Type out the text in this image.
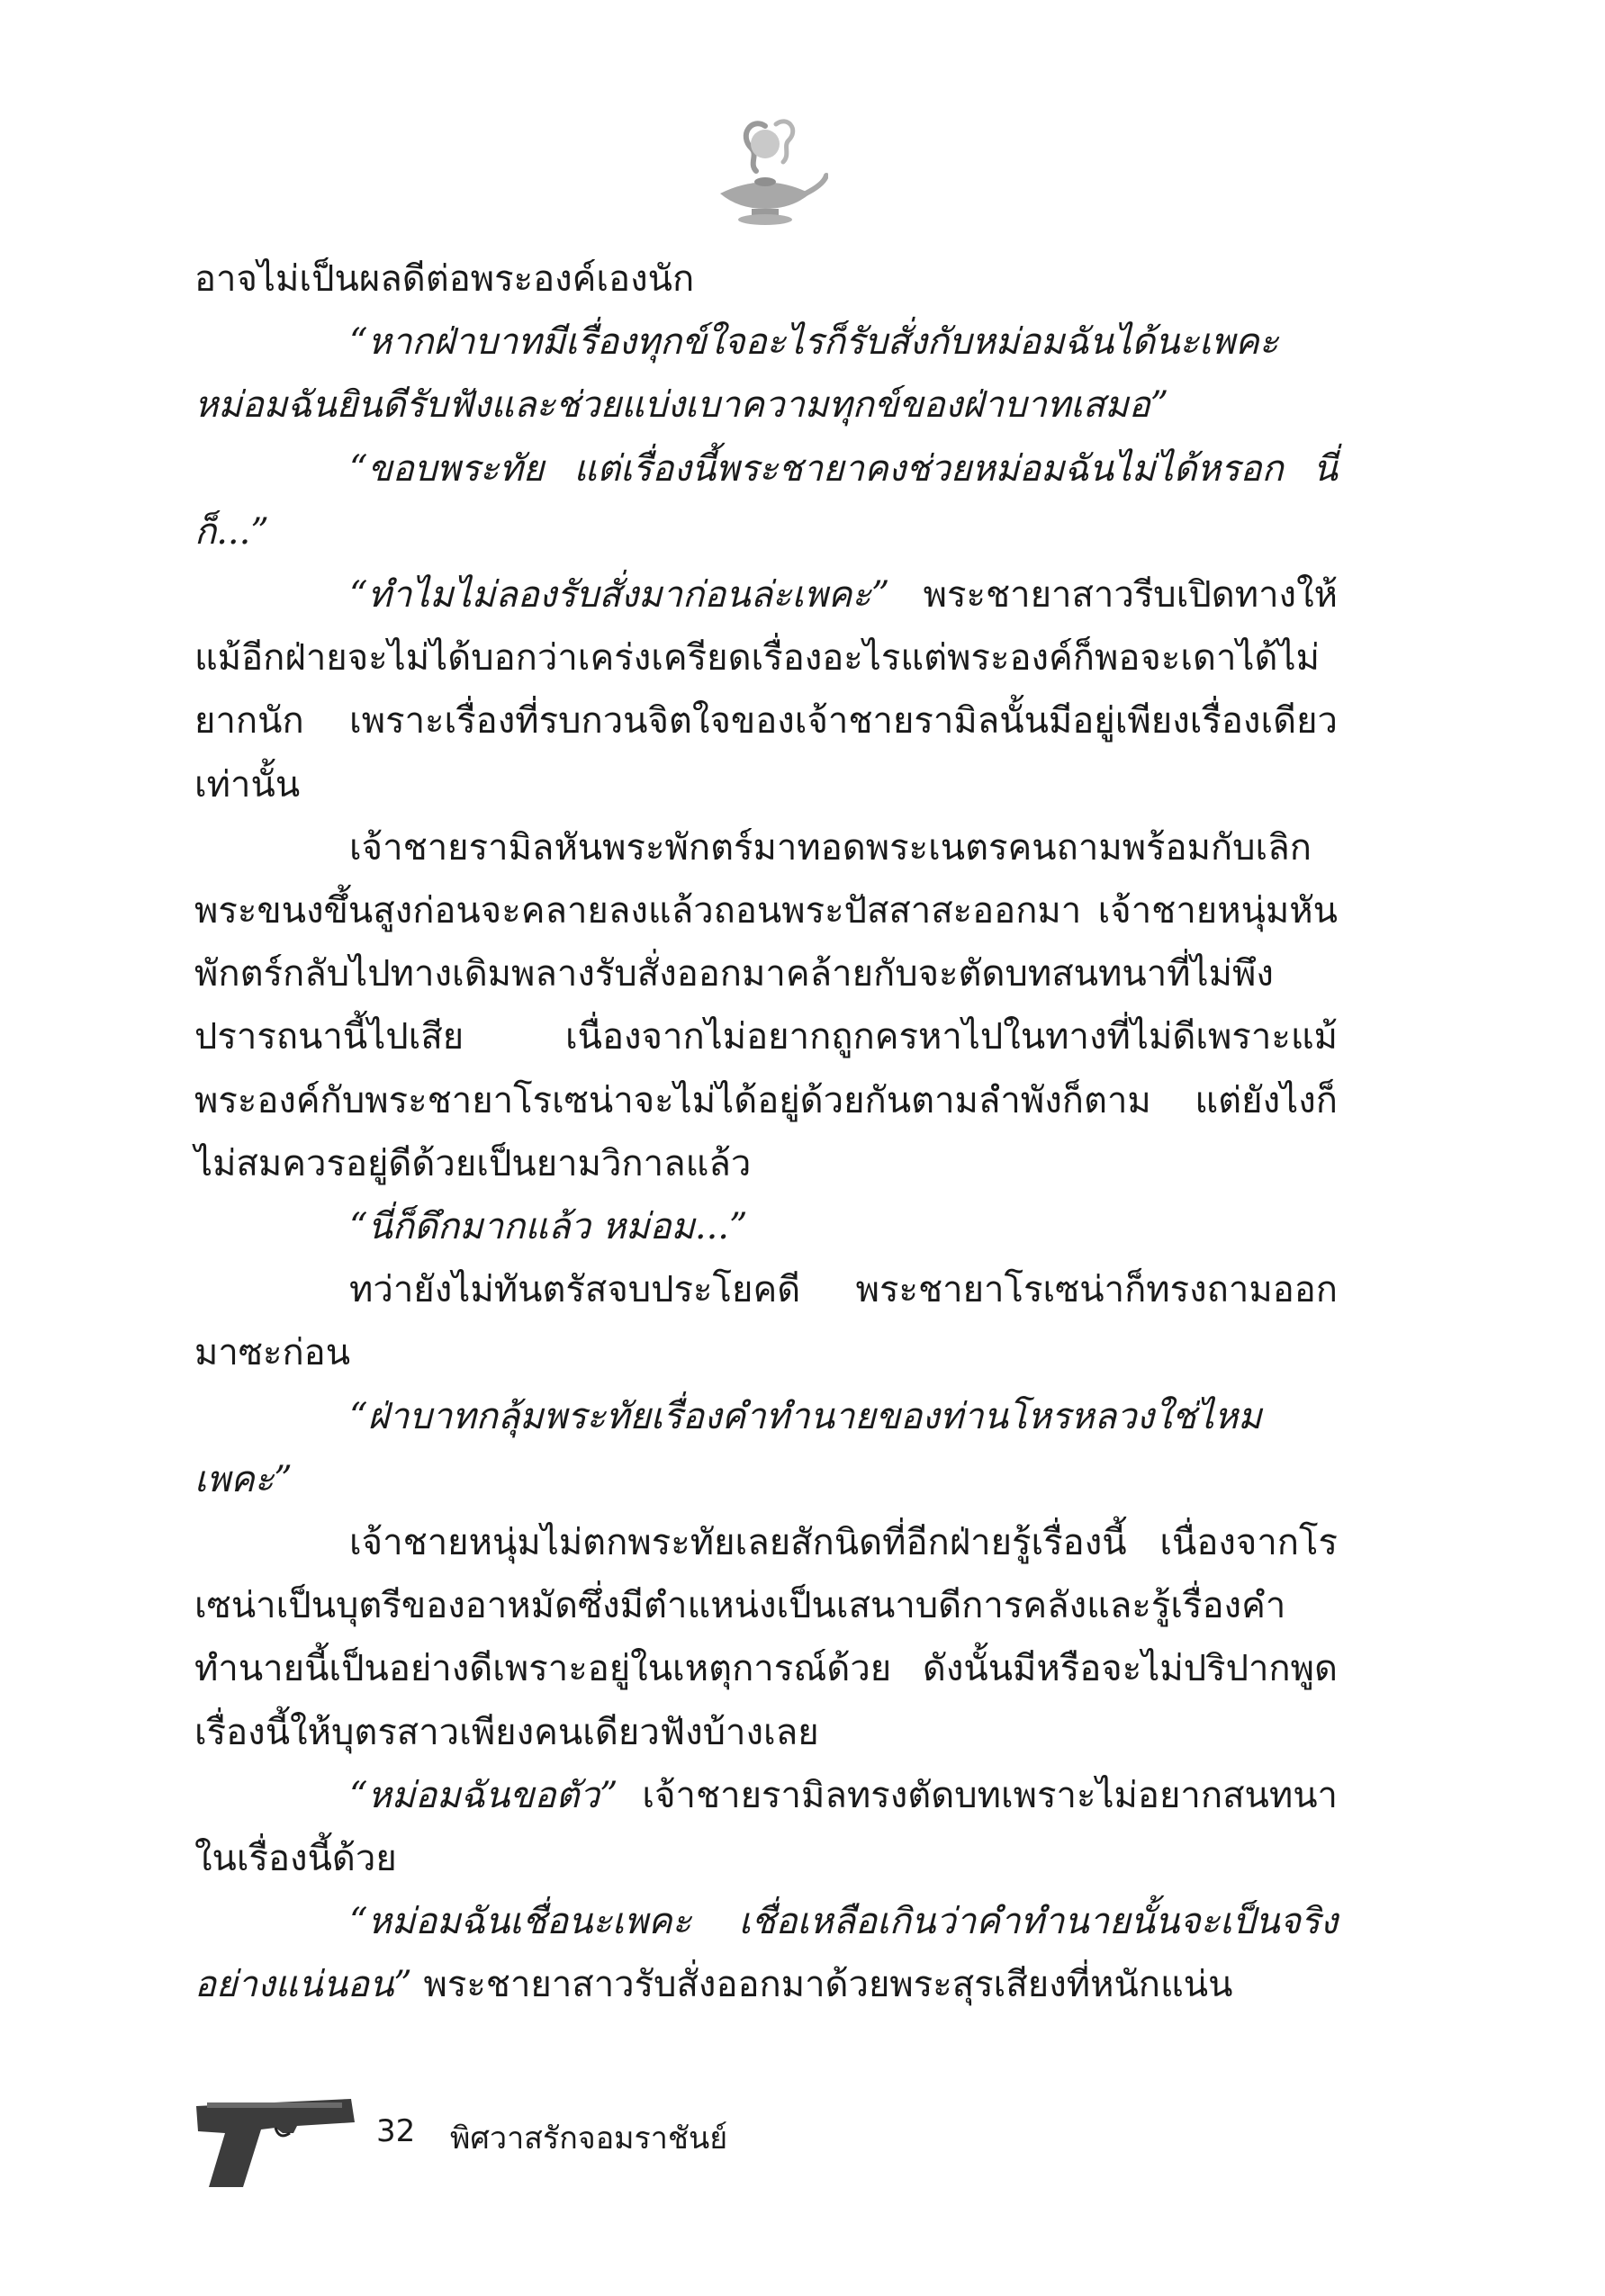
อาจไม่เป็นผลดีต่อพระองค์เองนัก

“หากฝ่าบาทมีเรื่องทุกข์ใจอะไรก็รับสั่งกับหม่อมฉันได้นะเพคะ หม่อมฉันยินดีรับฟังและช่วยแบ่งเบาความทุกข์ของฝ่าบาทเสมอ”

“ขอบพระทัย แต่เรื่องนี้พระชายาคงช่วยหม่อมฉันไม่ได้หรอก นี่ก็...”

“ทำไมไม่ลองรับสั่งมาก่อนล่ะเพคะ” พระชายาสาวรีบเปิดทางให้ แม้อีกฝ่ายจะไม่ได้บอกว่าเคร่งเครียดเรื่องอะไรแต่พระองค์ก็พอจะเดาได้ไม่ยากนัก เพราะเรื่องที่รบกวนจิตใจของเจ้าชายรามิลนั้นมีอยู่เพียงเรื่องเดียวเท่านั้น

เจ้าชายรามิลหันพระพักตร์มาทอดพระเนตรคนถามพร้อมกับเลิกพระขนงขึ้นสูงก่อนจะคลายลงแล้วถอนพระปัสสาสะออกมา เจ้าชายหนุ่มหันพักตร์กลับไปทางเดิมพลางรับสั่งออกมาคล้ายกับจะตัดบทสนทนาที่ไม่พึงปรารถนานี้ไปเสีย เนื่องจากไม่อยากถูกครหาไปในทางที่ไม่ดีเพราะแม้พระองค์กับพระชายาโรเซน่าจะไม่ได้อยู่ด้วยกันตามลำพังก็ตาม แต่ยังไงก็ไม่สมควรอยู่ดีด้วยเป็นยามวิกาลแล้ว

“นี่ก็ดึกมากแล้ว หม่อม...”

ทว่ายังไม่ทันตรัสจบประโยคดี พระชายาโรเซน่าก็ทรงถามออกมาซะก่อน

“ฝ่าบาทกลุ้มพระทัยเรื่องคำทำนายของท่านโหรหลวงใช่ไหมเพคะ”

เจ้าชายหนุ่มไม่ตกพระทัยเลยสักนิดที่อีกฝ่ายรู้เรื่องนี้ เนื่องจากโรเซน่าเป็นบุตรีของอาหมัดซึ่งมีตำแหน่งเป็นเสนาบดีการคลังและรู้เรื่องคำทำนายนี้เป็นอย่างดีเพราะอยู่ในเหตุการณ์ด้วย ดังนั้นมีหรือจะไม่ปริปากพูดเรื่องนี้ให้บุตรสาวเพียงคนเดียวฟังบ้างเลย

“หม่อมฉันขอตัว” เจ้าชายรามิลทรงตัดบทเพราะไม่อยากสนทนาในเรื่องนี้ด้วย

“หม่อมฉันเชื่อนะเพคะ เชื่อเหลือเกินว่าคำทำนายนั้นจะเป็นจริงอย่างแน่นอน” พระชายาสาวรับสั่งออกมาด้วยพระสุรเสียงที่หนักแน่น

32 พิศวาสรักจอมราชันย์
